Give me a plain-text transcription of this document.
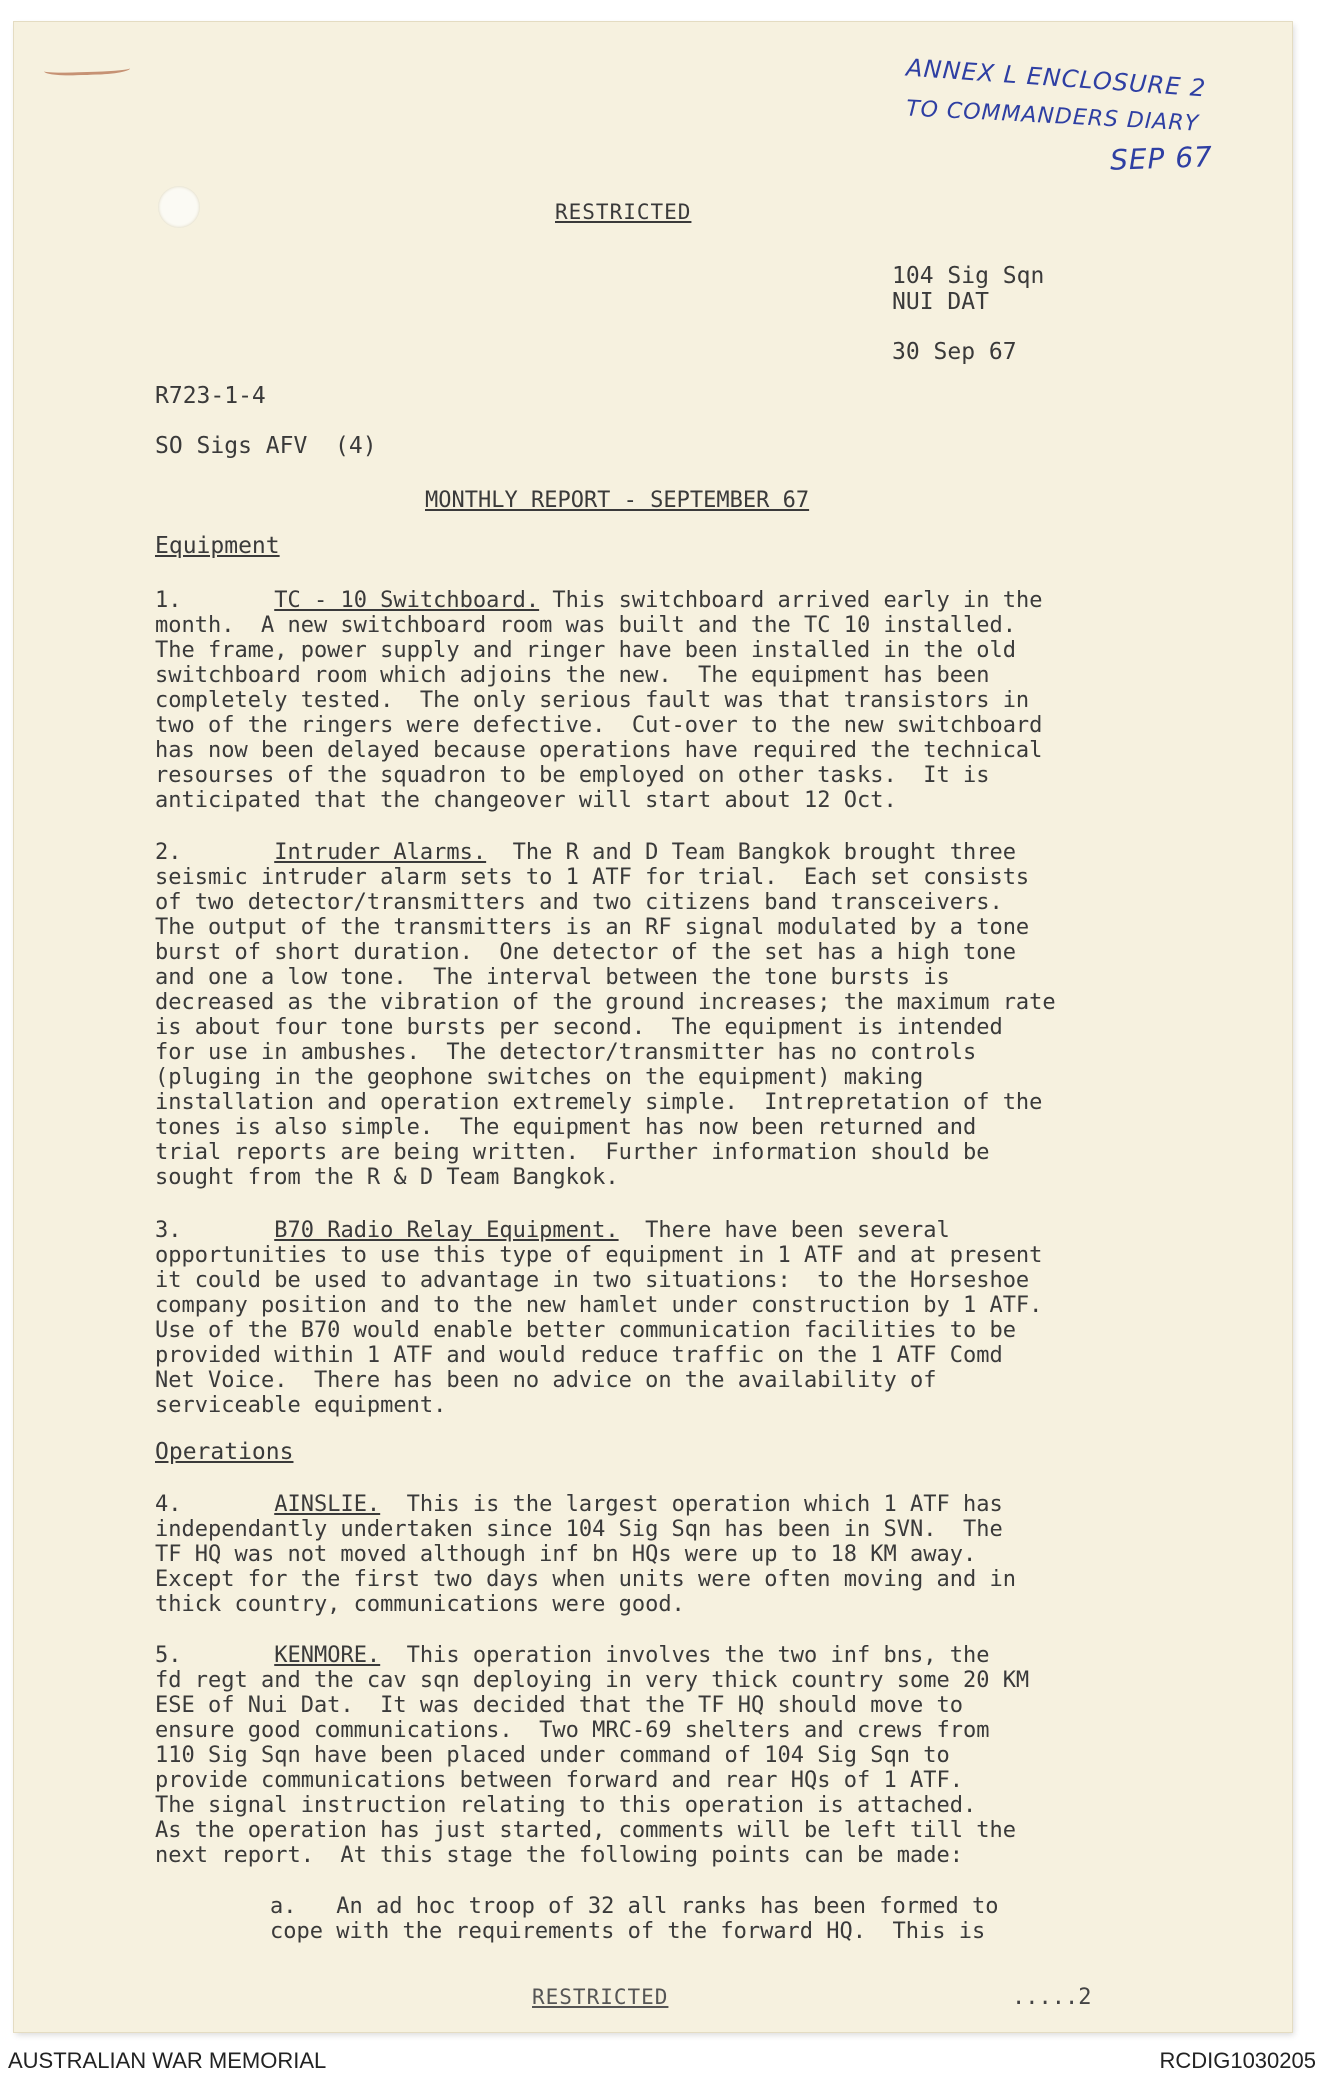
ANNEX L ENCLOSURE 2
TO COMMANDERS DIARY
SEP 67
RESTRICTED
104 Sig Sqn
NUI DAT
30 Sep 67
R723-1-4
SO Sigs AFV  (4)
MONTHLY REPORT - SEPTEMBER 67
Equipment
1.	TC - 10 Switchboard. This switchboard arrived early in the
month.  A new switchboard room was built and the TC 10 installed.
The frame, power supply and ringer have been installed in the old
switchboard room which adjoins the new.  The equipment has been
completely tested.  The only serious fault was that transistors in
two of the ringers were defective.  Cut-over to the new switchboard
has now been delayed because operations have required the technical
resourses of the squadron to be employed on other tasks.  It is
anticipated that the changeover will start about 12 Oct.
2.	Intruder Alarms.  The R and D Team Bangkok brought three
seismic intruder alarm sets to 1 ATF for trial.  Each set consists
of two detector/transmitters and two citizens band transceivers.
The output of the transmitters is an RF signal modulated by a tone
burst of short duration.  One detector of the set has a high tone
and one a low tone.  The interval between the tone bursts is
decreased as the vibration of the ground increases; the maximum rate
is about four tone bursts per second.  The equipment is intended
for use in ambushes.  The detector/transmitter has no controls
(pluging in the geophone switches on the equipment) making
installation and operation extremely simple.  Intrepretation of the
tones is also simple.  The equipment has now been returned and
trial reports are being written.  Further information should be
sought from the R & D Team Bangkok.
3.	B70 Radio Relay Equipment.  There have been several
opportunities to use this type of equipment in 1 ATF and at present
it could be used to advantage in two situations:  to the Horseshoe
company position and to the new hamlet under construction by 1 ATF.
Use of the B70 would enable better communication facilities to be
provided within 1 ATF and would reduce traffic on the 1 ATF Comd
Net Voice.  There has been no advice on the availability of
serviceable equipment.
Operations
4.	AINSLIE.  This is the largest operation which 1 ATF has
independantly undertaken since 104 Sig Sqn has been in SVN.  The
TF HQ was not moved although inf bn HQs were up to 18 KM away.
Except for the first two days when units were often moving and in
thick country, communications were good.
5.	KENMORE.  This operation involves the two inf bns, the
fd regt and the cav sqn deploying in very thick country some 20 KM
ESE of Nui Dat.  It was decided that the TF HQ should move to
ensure good communications.  Two MRC-69 shelters and crews from
110 Sig Sqn have been placed under command of 104 Sig Sqn to
provide communications between forward and rear HQs of 1 ATF.
The signal instruction relating to this operation is attached.
As the operation has just started, comments will be left till the
next report.  At this stage the following points can be made:
a.   An ad hoc troop of 32 all ranks has been formed to
cope with the requirements of the forward HQ.  This is
RESTRICTED	.....2
AUSTRALIAN WAR MEMORIAL	RCDIG1030205
